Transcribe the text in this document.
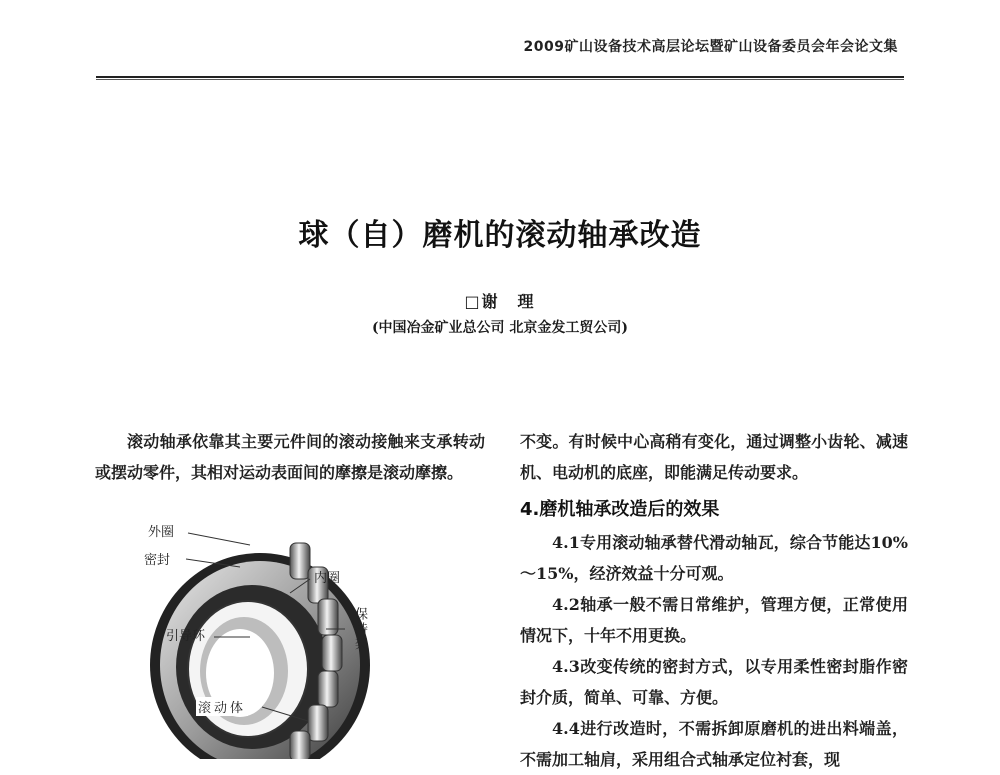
2009矿山设备技术高层论坛暨矿山设备委员会年会论文集
球（自）磨机的滚动轴承改造
□谢　理
(中国冶金矿业总公司 北京金发工贸公司)

滚动轴承依靠其主要元件间的滚动接触来支承转动或摆动零件，其相对运动表面间的摩擦是滚动摩擦。

外圈
密封
内圈
引导环	保持架
滚动体

不变。有时候中心高稍有变化，通过调整小齿轮、减速机、电动机的底座，即能满足传动要求。

4.磨机轴承改造后的效果

4.1专用滚动轴承替代滑动轴瓦，综合节能达10%～15%，经济效益十分可观。

4.2轴承一般不需日常维护，管理方便，正常使用情况下，十年不用更换。

4.3改变传统的密封方式，以专用柔性密封脂作密封介质，简单、可靠、方便。

4.4进行改造时，不需拆卸原磨机的进出料端盖，不需加工轴肩，采用组合式轴承定位衬套，现
